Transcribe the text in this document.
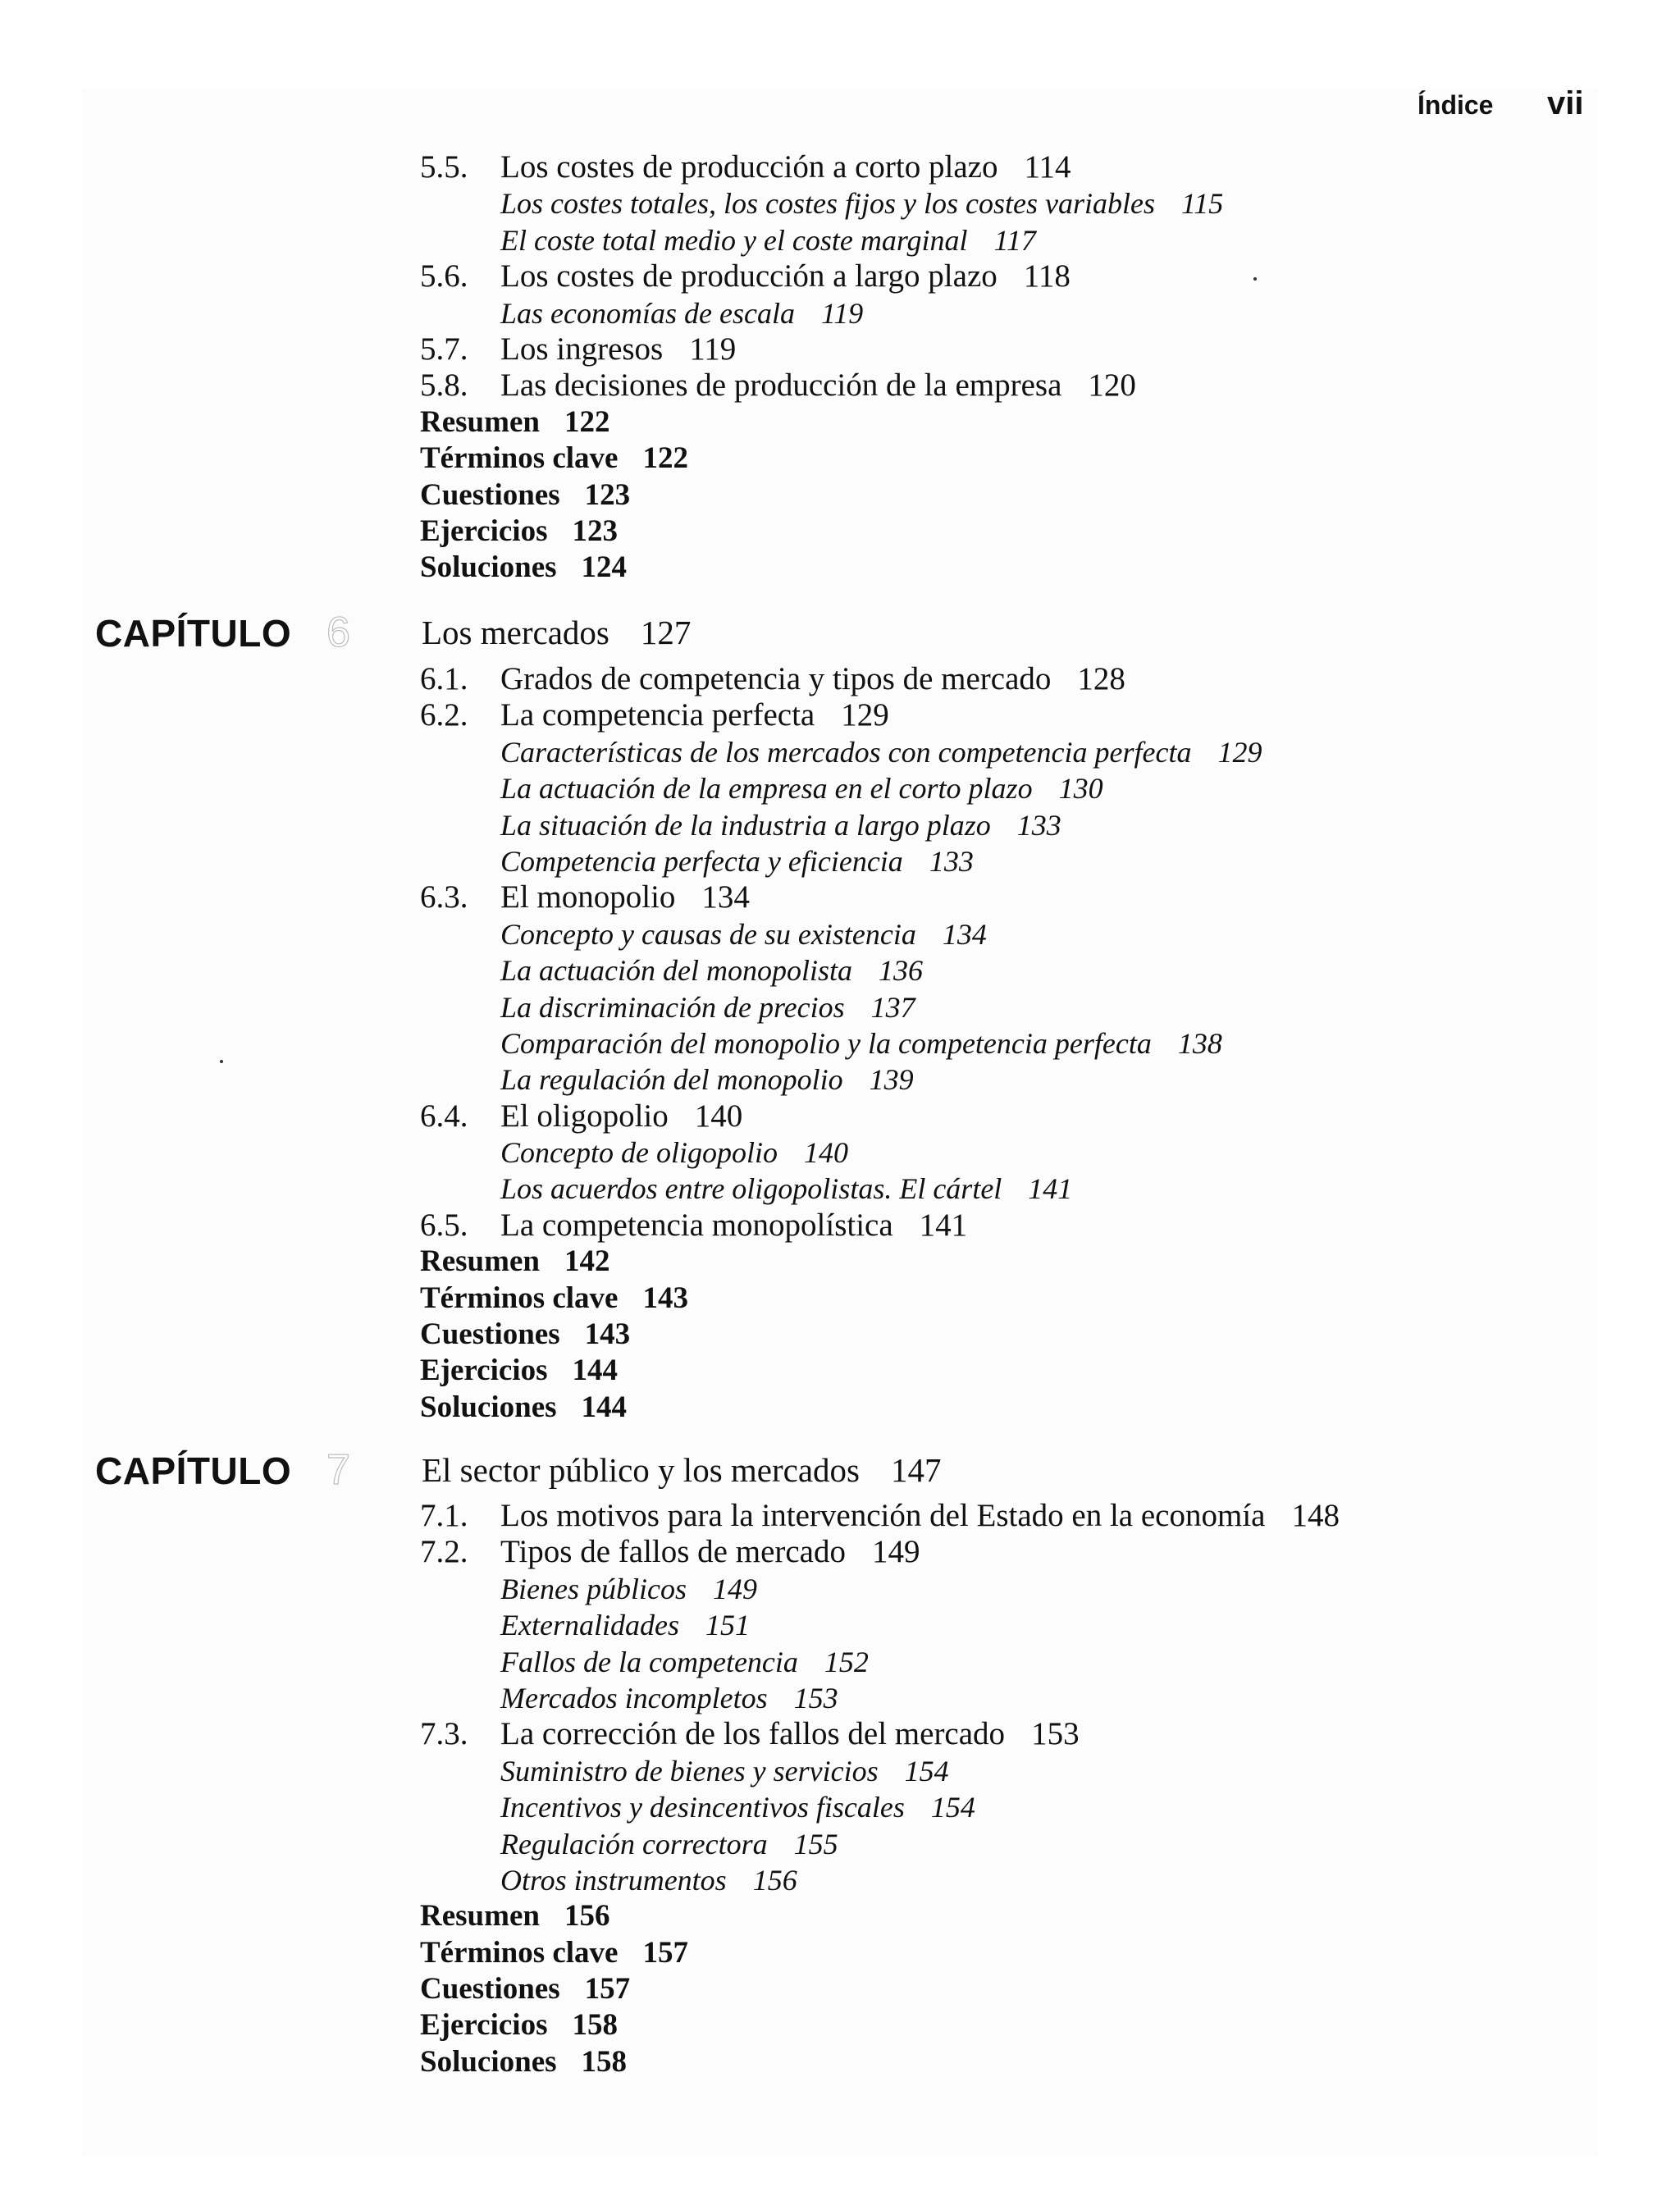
Índice vii
5.5. Los costes de producción a corto plazo 114
Los costes totales, los costes fijos y los costes variables 115
El coste total medio y el coste marginal 117
5.6. Los costes de producción a largo plazo 118
Las economías de escala 119
5.7. Los ingresos 119
5.8. Las decisiones de producción de la empresa 120
Resumen 122
Términos clave 122
Cuestiones 123
Ejercicios 123
Soluciones 124
CAPÍTULO 6 Los mercados 127
6.1. Grados de competencia y tipos de mercado 128
6.2. La competencia perfecta 129
Características de los mercados con competencia perfecta 129
La actuación de la empresa en el corto plazo 130
La situación de la industria a largo plazo 133
Competencia perfecta y eficiencia 133
6.3. El monopolio 134
Concepto y causas de su existencia 134
La actuación del monopolista 136
La discriminación de precios 137
Comparación del monopolio y la competencia perfecta 138
La regulación del monopolio 139
6.4. El oligopolio 140
Concepto de oligopolio 140
Los acuerdos entre oligopolistas. El cártel 141
6.5. La competencia monopolística 141
Resumen 142
Términos clave 143
Cuestiones 143
Ejercicios 144
Soluciones 144
CAPÍTULO 7 El sector público y los mercados 147
7.1. Los motivos para la intervención del Estado en la economía 148
7.2. Tipos de fallos de mercado 149
Bienes públicos 149
Externalidades 151
Fallos de la competencia 152
Mercados incompletos 153
7.3. La corrección de los fallos del mercado 153
Suministro de bienes y servicios 154
Incentivos y desincentivos fiscales 154
Regulación correctora 155
Otros instrumentos 156
Resumen 156
Términos clave 157
Cuestiones 157
Ejercicios 158
Soluciones 158
